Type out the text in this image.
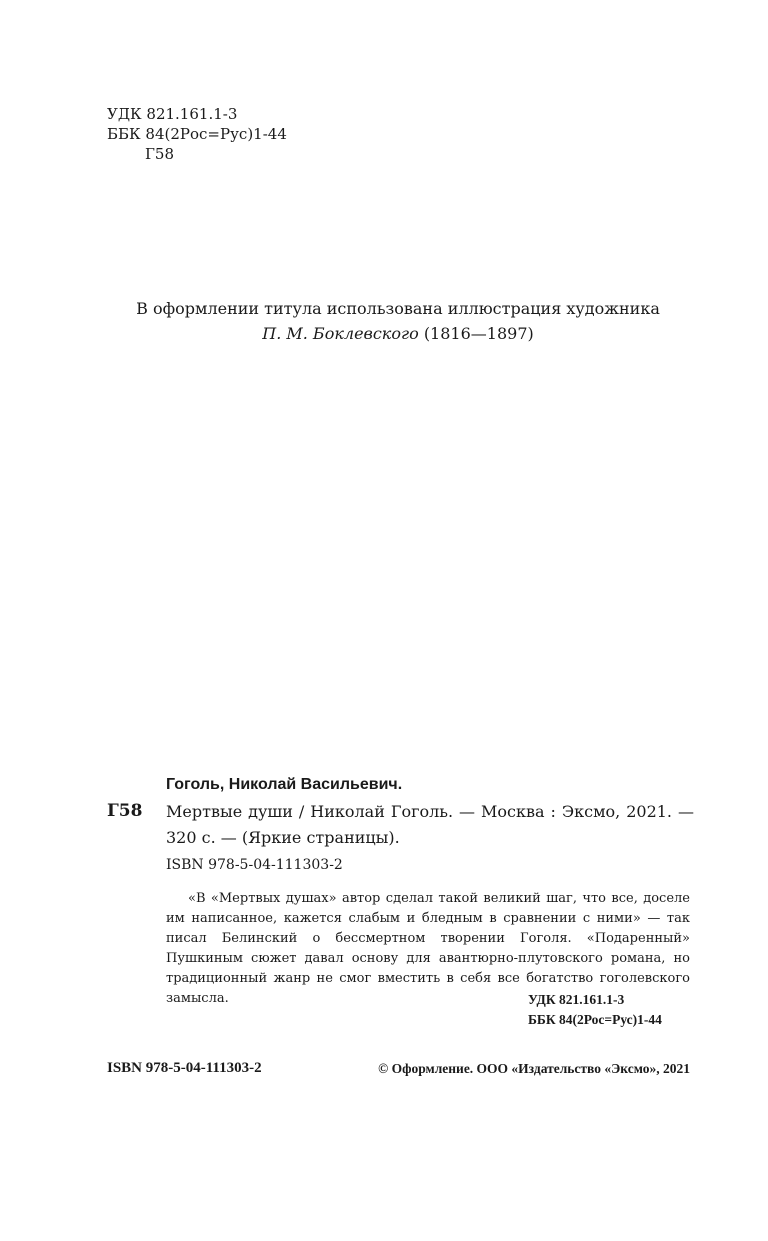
УДК 821.161.1-3
ББК 84(2Рос=Рус)1-44
Г58
В оформлении титула использована иллюстрация художника
П. М. Боклевского (1816—1897)
Гоголь, Николай Васильевич.
Г58 Мертвые души / Николай Гоголь. — Москва : Эксмо, 2021. — 320 с. — (Яркие страницы).
ISBN 978-5-04-111303-2

«В «Мертвых душах» автор сделал такой великий шаг, что все, доселе им написанное, кажется слабым и бледным в сравнении с ними» — так писал Белинский о бессмертном творении Гоголя. «Подаренный» Пушкиным сюжет давал основу для авантюрно-плутовского романа, но традиционный жанр не смог вместить в себя все богатство гоголевского замысла.	УДК 821.161.1-3
ББК 84(2Рос=Рус)1-44
ISBN 978-5-04-111303-2	© Оформление. ООО «Издательство «Эксмо», 2021
